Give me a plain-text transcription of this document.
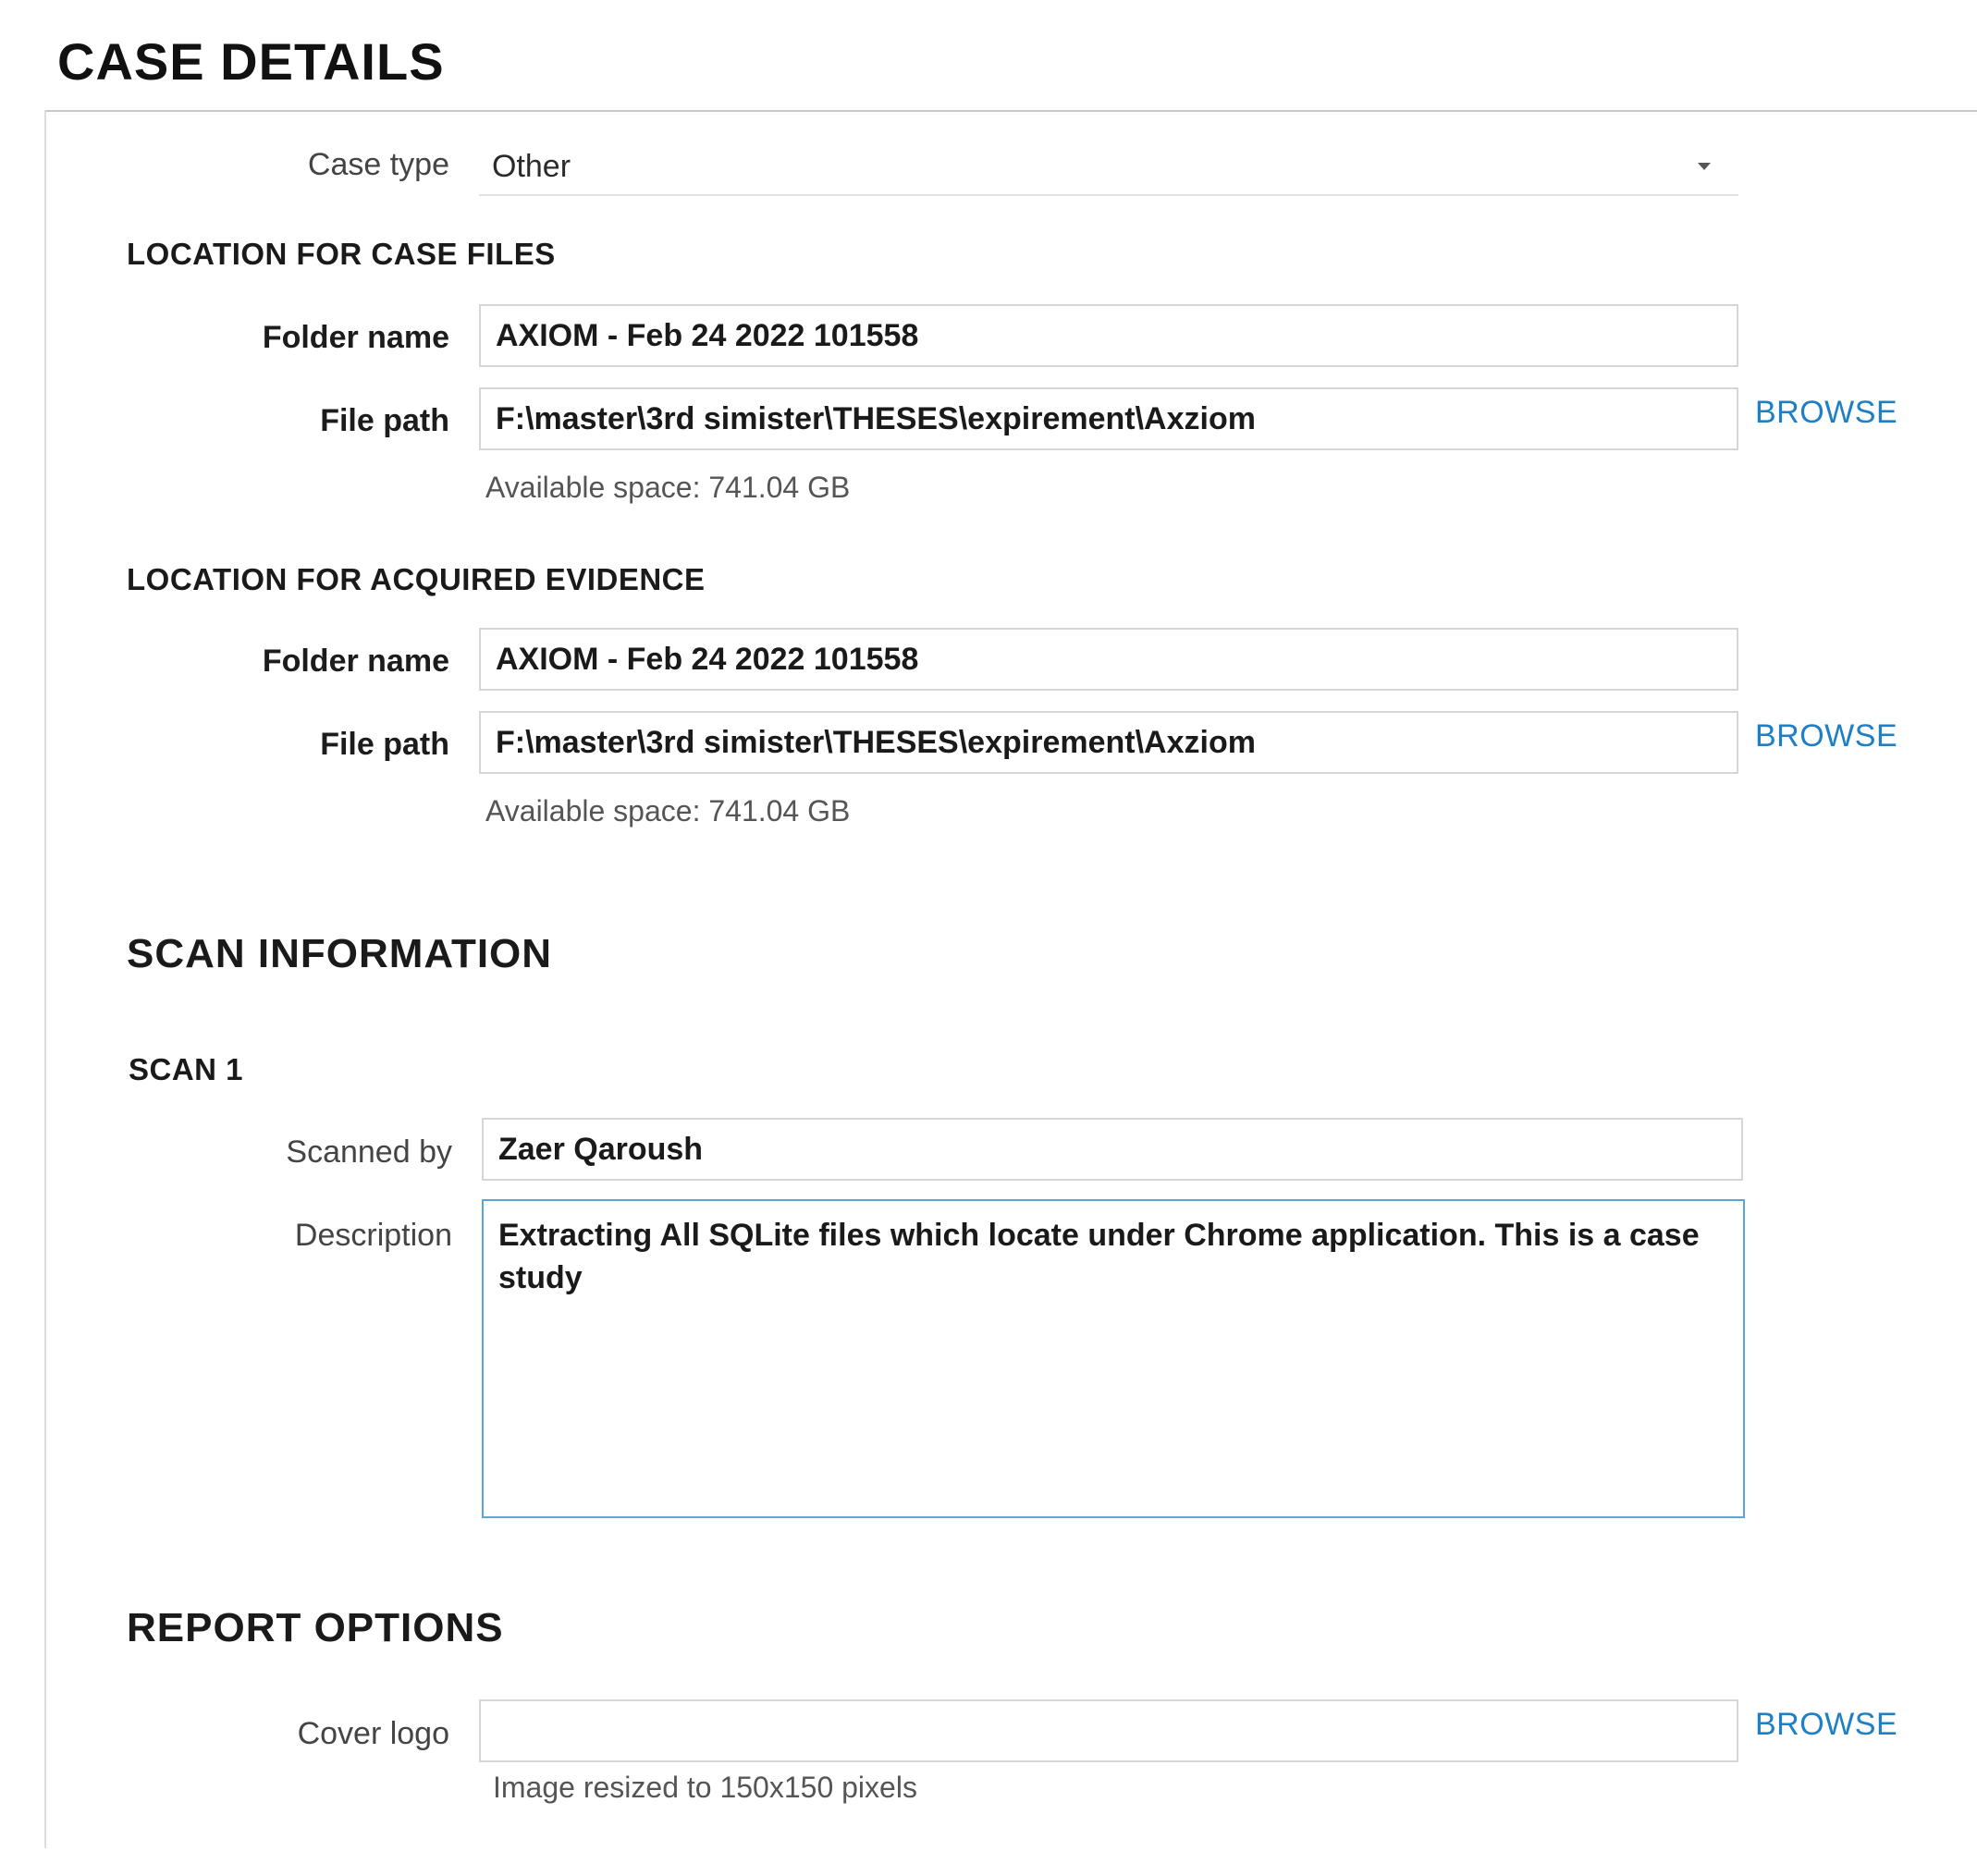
CASE DETAILS
Case type Other
LOCATION FOR CASE FILES
Folder name	AXIOM - Feb 24 2022 101558
File path	F:\master\3rd simister\THESES\expirement\Axziom	BROWSE
Available space: 741.04 GB
LOCATION FOR ACQUIRED EVIDENCE
Folder name	AXIOM - Feb 24 2022 101558
File path	F:\master\3rd simister\THESES\expirement\Axziom	BROWSE
Available space: 741.04 GB
SCAN INFORMATION
SCAN 1
Scanned by	Zaer Qaroush
Description	Extracting All SQLite files which locate under Chrome application. This is a case study
REPORT OPTIONS
Cover logo	BROWSE
Image resized to 150x150 pixels
